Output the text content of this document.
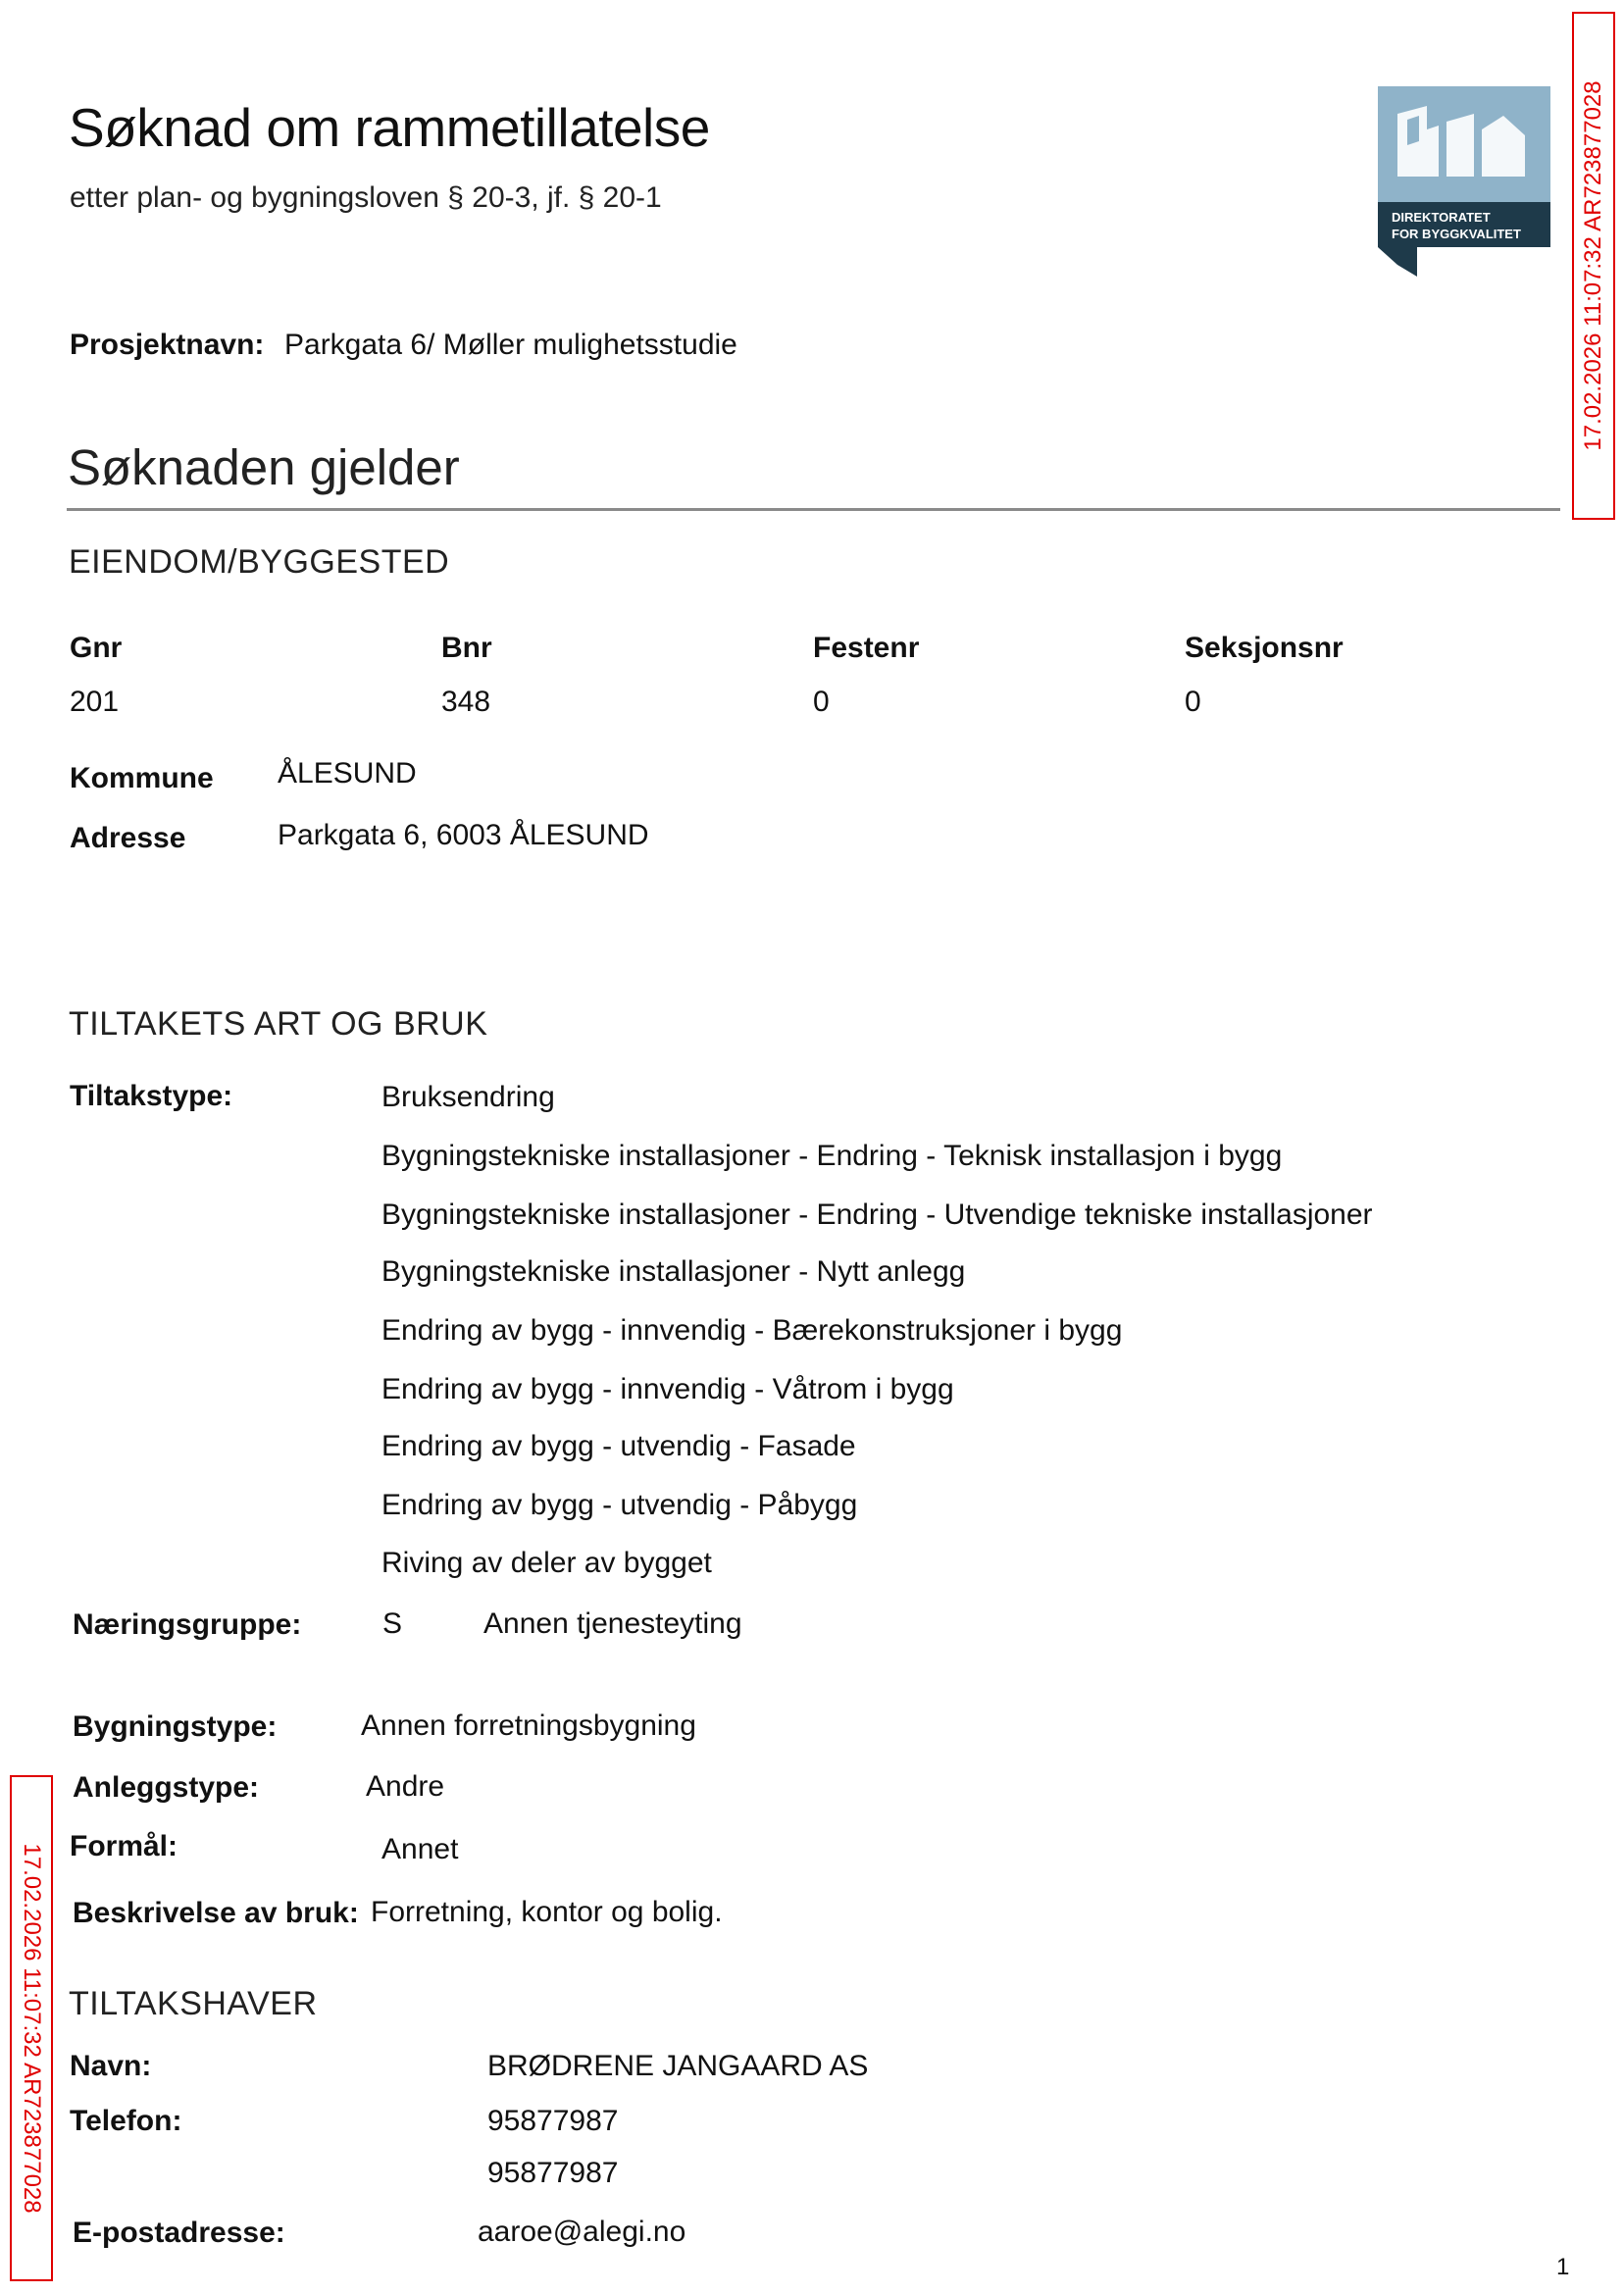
Søknad om rammetillatelse
etter plan- og bygningsloven § 20-3, jf. § 20-1
DIREKTORATET
FOR BYGGKVALITET	17.02.2026 11:07:32 AR723877028
Prosjektnavn: Parkgata 6/ Møller mulighetsstudie
Søknaden gjelder
EIENDOM/BYGGESTED
Gnr	Bnr	Festenr	Seksjonsnr
201	348	0	0
Kommune ÅLESUND
Adresse	Parkgata 6, 6003 ÅLESUND
TILTAKETS ART OG BRUK
Tiltakstype:	Bruksendring
Bygningstekniske installasjoner - Endring - Teknisk installasjon i bygg
Bygningstekniske installasjoner - Endring - Utvendige tekniske installasjoner
Bygningstekniske installasjoner - Nytt anlegg
Endring av bygg - innvendig - Bærekonstruksjoner i bygg
Endring av bygg - innvendig - Våtrom i bygg
Endring av bygg - utvendig - Fasade
Endring av bygg - utvendig - Påbygg
Riving av deler av bygget
Næringsgruppe:	S	Annen tjenesteyting
Bygningstype:	Annen forretningsbygning
Anleggstype:	Andre
Formål:	Annet
Beskrivelse av bruk: Forretning, kontor og bolig.
TILTAKSHAVER
Navn:	BRØDRENE JANGAARD AS
Telefon:	95877987
95877987
E-postadresse:	aaroe@alegi.no
17.02.2026 11:07:32 AR723877028
1
